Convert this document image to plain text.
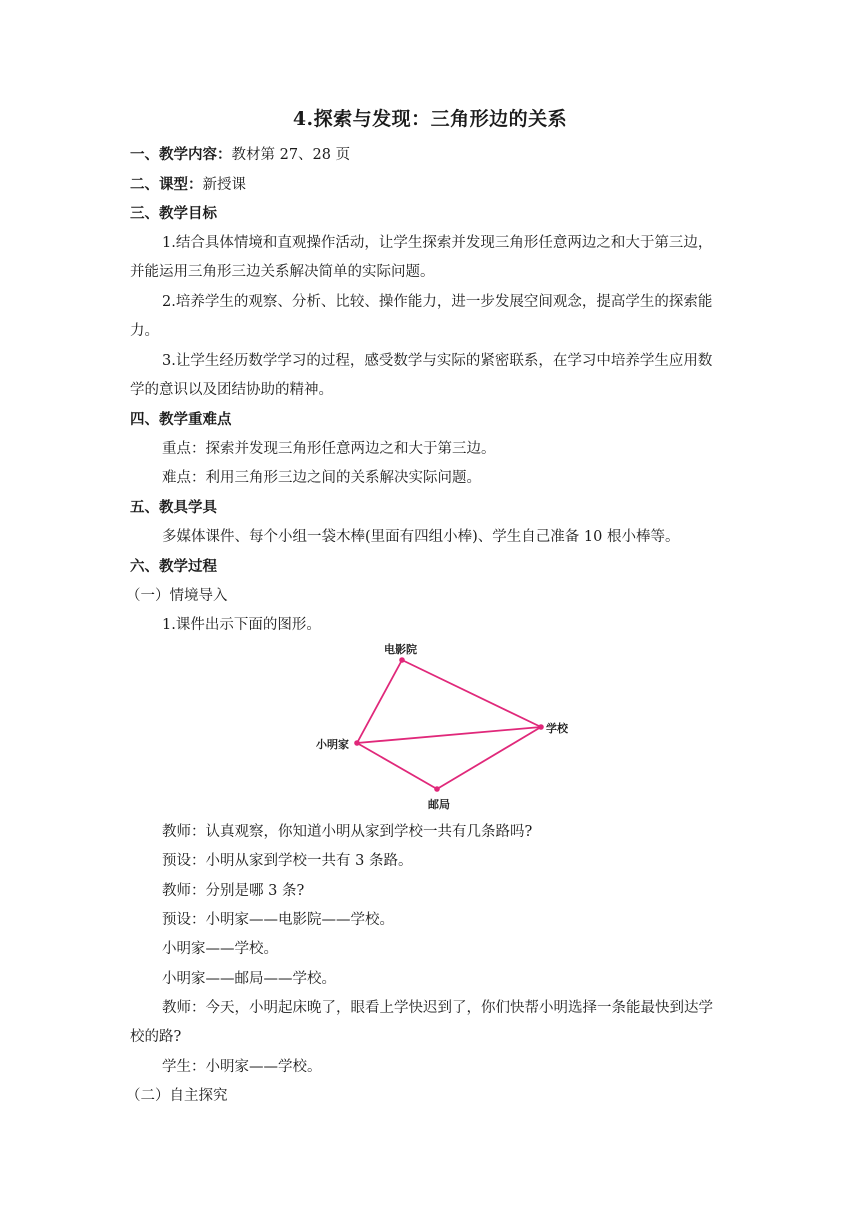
4.探索与发现：三角形边的关系
一、教学内容：教材第 27、28 页
二、课型：新授课
三、教学目标
1.结合具体情境和直观操作活动，让学生探索并发现三角形任意两边之和大于第三边，
并能运用三角形三边关系解决简单的实际问题。
2.培养学生的观察、分析、比较、操作能力，进一步发展空间观念，提高学生的探索能
力。
3.让学生经历数学学习的过程，感受数学与实际的紧密联系，在学习中培养学生应用数
学的意识以及团结协助的精神。
四、教学重难点
重点：探索并发现三角形任意两边之和大于第三边。
难点：利用三角形三边之间的关系解决实际问题。
五、教具学具
多媒体课件、每个小组一袋木棒(里面有四组小棒)、学生自己准备 10 根小棒等。
六、教学过程
（一）情境导入
1.课件出示下面的图形。
电影院
学校
小明家
邮局
教师：认真观察，你知道小明从家到学校一共有几条路吗?
预设：小明从家到学校一共有 3 条路。
教师：分别是哪 3 条?
预设：小明家——电影院——学校。
小明家——学校。
小明家——邮局——学校。
教师：今天，小明起床晚了，眼看上学快迟到了，你们快帮小明选择一条能最快到达学
校的路?
学生：小明家——学校。
（二）自主探究
